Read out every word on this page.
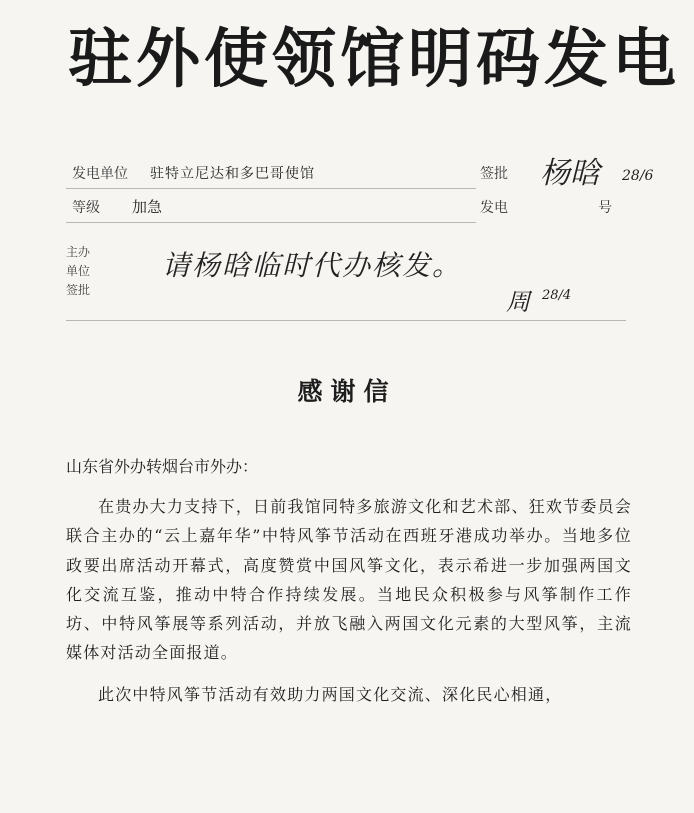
驻外使领馆明码发电
发电单位 驻特立尼达和多巴哥使馆	签批 杨晗 28/6
等级 加急	发电	号
主办
单位
签批
请杨晗临时代办核发。
周 28/4
感谢信
山东省外办转烟台市外办：

在贵办大力支持下，日前我馆同特多旅游文化和艺术部、狂欢节委员会联合主办的“云上嘉年华”中特风筝节活动在西班牙港成功举办。当地多位政要出席活动开幕式，高度赞赏中国风筝文化，表示希进一步加强两国文化交流互鉴，推动中特合作持续发展。当地民众积极参与风筝制作工作坊、中特风筝展等系列活动，并放飞融入两国文化元素的大型风筝，主流媒体对活动全面报道。

此次中特风筝节活动有效助力两国文化交流、深化民心相通，
